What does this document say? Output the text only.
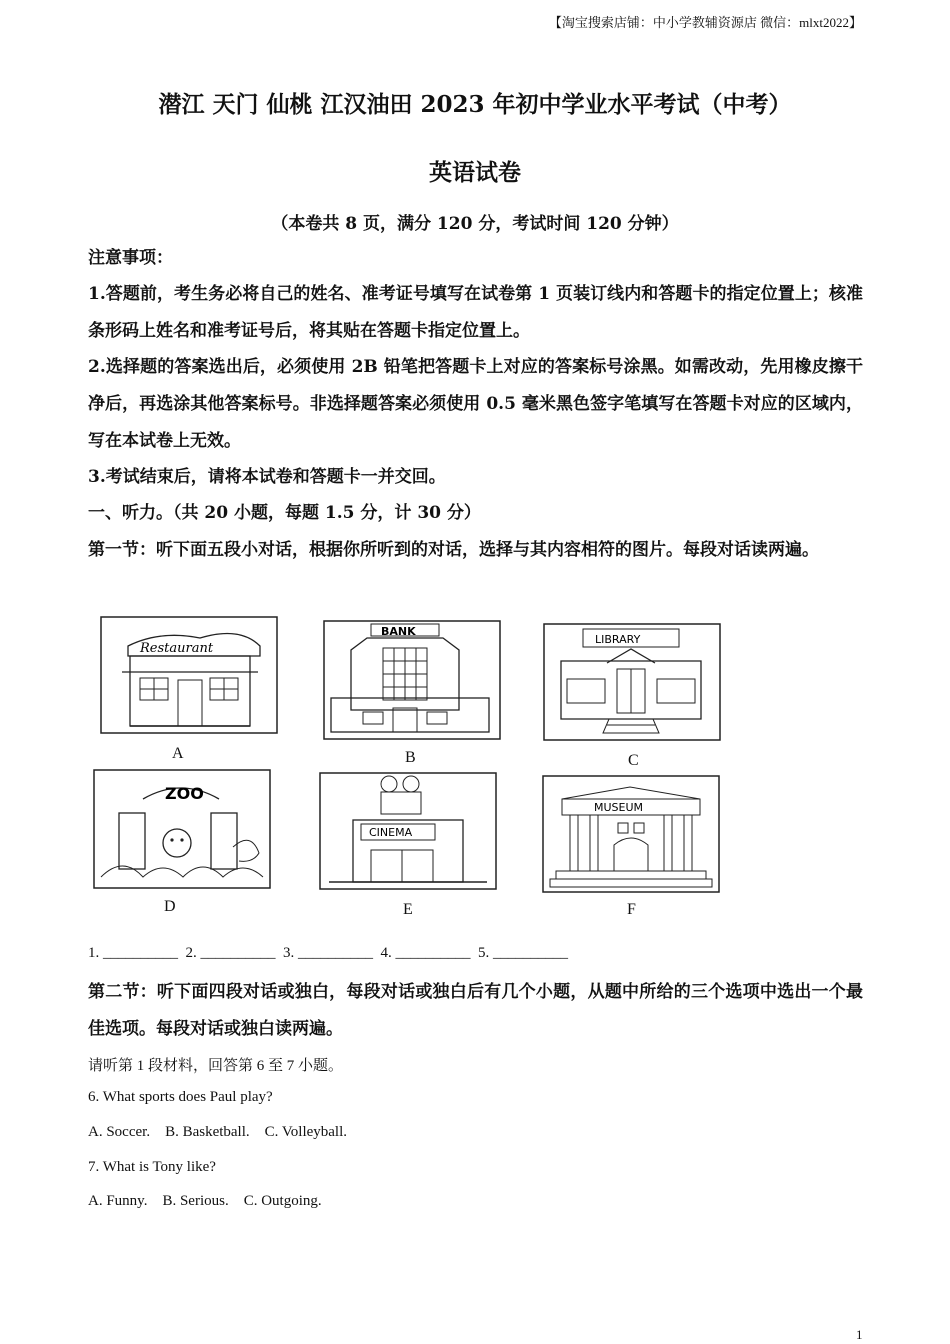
【淘宝搜索店铺：中小学教辅资源店 微信：mlxt2022】
潜江 天门 仙桃 江汉油田 2023 年初中学业水平考试（中考）
英语试卷
（本卷共 8 页，满分 120 分，考试时间 120 分钟）
注意事项：
1.答题前，考生务必将自己的姓名、准考证号填写在试卷第 1 页装订线内和答题卡的指定位置上；核准条形码上姓名和准考证号后，将其贴在答题卡指定位置上。
2.选择题的答案选出后，必须使用 2B 铅笔把答题卡上对应的答案标号涂黑。如需改动，先用橡皮擦干净后，再选涂其他答案标号。非选择题答案必须使用 0.5 毫米黑色签字笔填写在答题卡对应的区域内，写在本试卷上无效。
3.考试结束后，请将本试卷和答题卡一并交回。
一、听力。（共 20 小题，每题 1.5 分，计 30 分）
第一节：听下面五段小对话，根据你所听到的对话，选择与其内容相符的图片。每段对话读两遍。
Restaurant
A
BANK
B
LIBRARY
C
ZOO
D
CINEMA
E
MUSEUM
F
1. __________  2. __________  3. __________  4. __________  5. __________
第二节：听下面四段对话或独白，每段对话或独白后有几个小题，从题中所给的三个选项中选出一个最佳选项。每段对话或独白读两遍。
请听第 1 段材料，回答第 6 至 7 小题。
6. What sports does Paul play?
A. Soccer.    B. Basketball.    C. Volleyball.
7. What is Tony like?
A. Funny.    B. Serious.    C. Outgoing.
1
